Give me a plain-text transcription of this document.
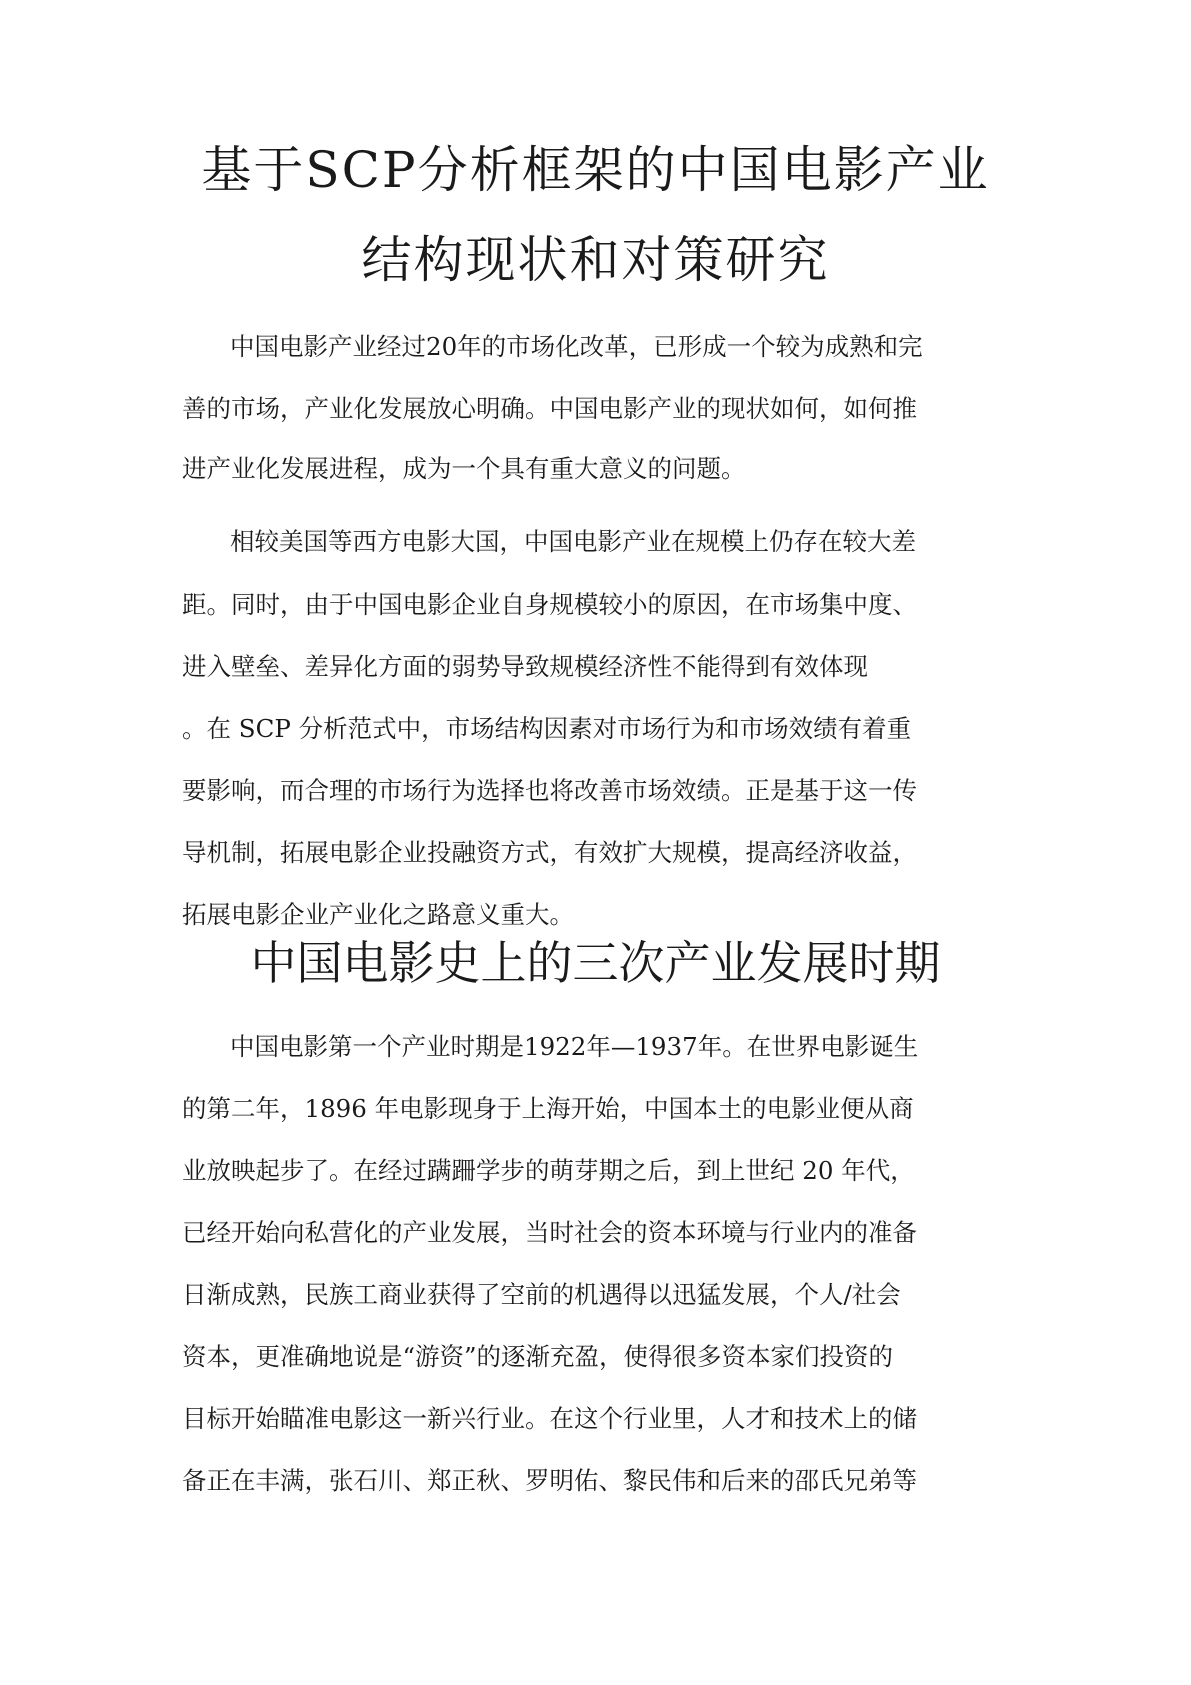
基于SCP分析框架的中国电影产业
结构现状和对策研究
中国电影产业经过20年的市场化改革，已形成一个较为成熟和完
善的市场，产业化发展放心明确。中国电影产业的现状如何，如何推
进产业化发展进程，成为一个具有重大意义的问题。
相较美国等西方电影大国，中国电影产业在规模上仍存在较大差
距。同时，由于中国电影企业自身规模较小的原因，在市场集中度、
进入壁垒、差异化方面的弱势导致规模经济性不能得到有效体现
。在 SCP 分析范式中，市场结构因素对市场行为和市场效绩有着重
要影响，而合理的市场行为选择也将改善市场效绩。正是基于这一传
导机制，拓展电影企业投融资方式，有效扩大规模，提高经济收益，
拓展电影企业产业化之路意义重大。
中国电影史上的三次产业发展时期
中国电影第一个产业时期是1922年—1937年。在世界电影诞生
的第二年，1896 年电影现身于上海开始，中国本土的电影业便从商
业放映起步了。在经过蹒跚学步的萌芽期之后，到上世纪 20 年代，
已经开始向私营化的产业发展，当时社会的资本环境与行业内的准备
日渐成熟，民族工商业获得了空前的机遇得以迅猛发展，个人/社会
资本，更准确地说是“游资”的逐渐充盈，使得很多资本家们投资的
目标开始瞄准电影这一新兴行业。在这个行业里，人才和技术上的储
备正在丰满，张石川、郑正秋、罗明佑、黎民伟和后来的邵氏兄弟等
